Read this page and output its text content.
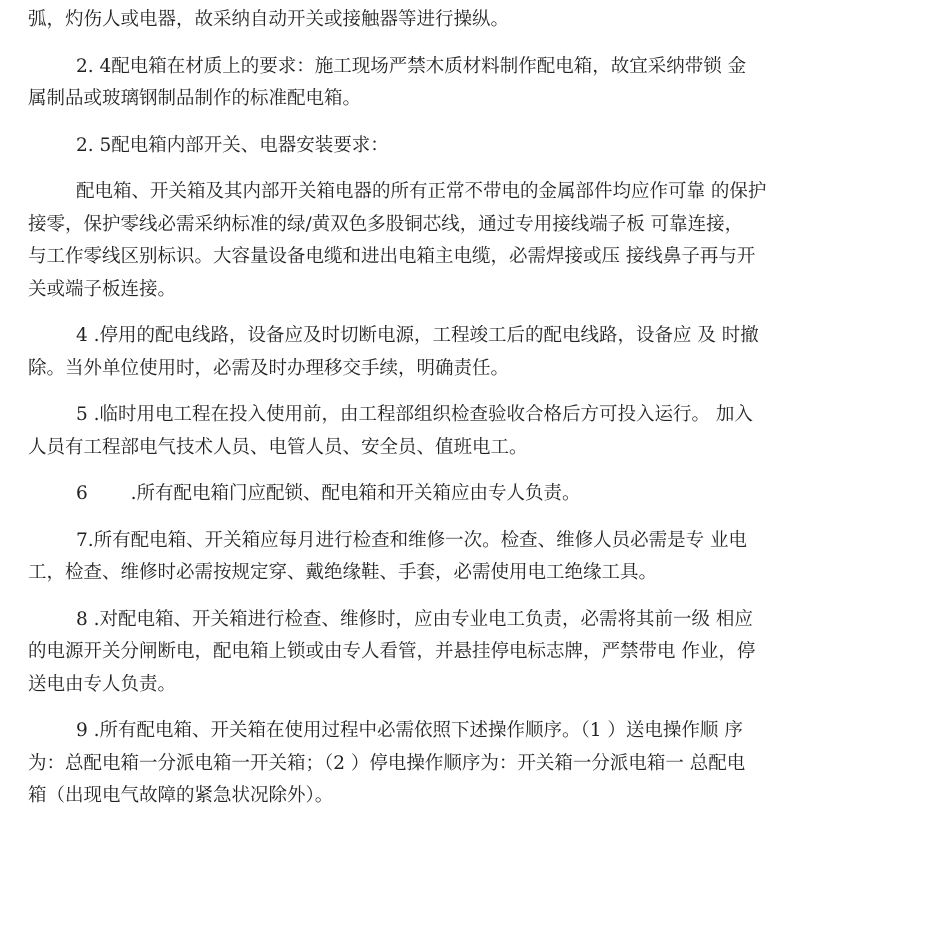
弧，灼伤人或电器，故采纳自动开关或接触器等进行操纵。
2. 4配电箱在材质上的要求：施工现场严禁木质材料制作配电箱，故宜采纳带锁 金
属制品或玻璃钢制品制作的标准配电箱。
2. 5配电箱内部开关、电器安装要求：
配电箱、开关箱及其内部开关箱电器的所有正常不带电的金属部件均应作可靠 的保护
接零，保护零线必需采纳标准的绿/黄双色多股铜芯线，通过专用接线端子板 可靠连接，
与工作零线区别标识。大容量设备电缆和进出电箱主电缆，必需焊接或压 接线鼻子再与开
关或端子板连接。
4 .停用的配电线路，设备应及时切断电源，工程竣工后的配电线路，设备应 及 时撤
除。当外单位使用时，必需及时办理移交手续，明确责任。
5 .临时用电工程在投入使用前，由工程部组织检查验收合格后方可投入运行。 加入
人员有工程部电气技术人员、电管人员、安全员、值班电工。
6　　 .所有配电箱门应配锁、配电箱和开关箱应由专人负责。
7.所有配电箱、开关箱应每月进行检查和维修一次。检查、维修人员必需是专 业电
工，检查、维修时必需按规定穿、戴绝缘鞋、手套，必需使用电工绝缘工具。
8 .对配电箱、开关箱进行检查、维修时，应由专业电工负责，必需将其前一级 相应
的电源开关分闸断电，配电箱上锁或由专人看管，并悬挂停电标志牌，严禁带电 作业，停
送电由专人负责。
9 .所有配电箱、开关箱在使用过程中必需依照下述操作顺序。（1 ）送电操作顺 序
为：总配电箱一分派电箱一开关箱；（2 ）停电操作顺序为：开关箱一分派电箱一 总配电
箱（出现电气故障的紧急状况除外）。
